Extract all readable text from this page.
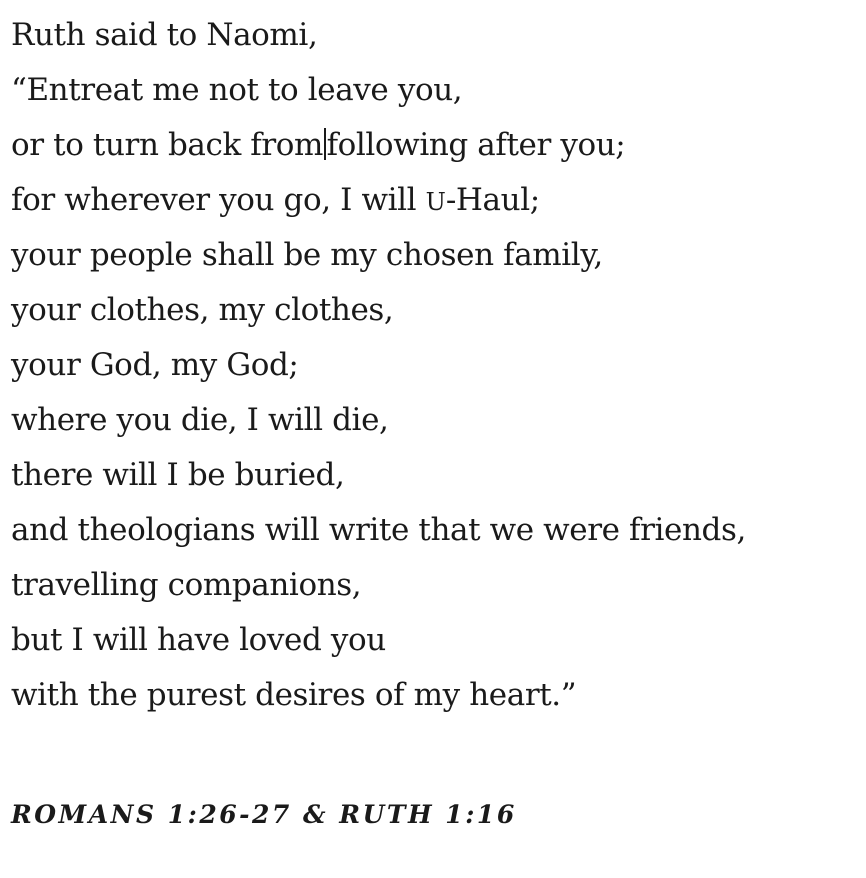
Ruth said to Naomi,
“Entreat me not to leave you,
or to turn back from following after you;
for wherever you go, I will U-Haul;
your people shall be my chosen family,
your clothes, my clothes,
your God, my God;
where you die, I will die,
there will I be buried,
and theologians will write that we were friends,
travelling companions,
but I will have loved you
with the purest desires of my heart.”
ROMANS 1:26-27 & RUTH 1:16
